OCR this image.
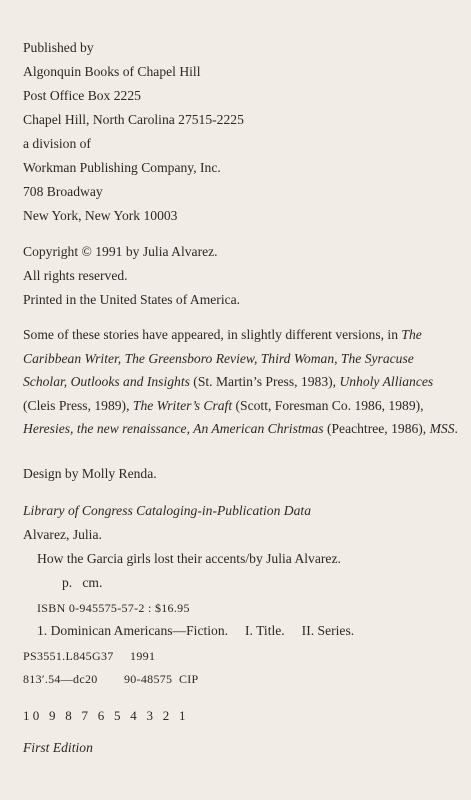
Published by
Algonquin Books of Chapel Hill
Post Office Box 2225
Chapel Hill, North Carolina 27515-2225
a division of
Workman Publishing Company, Inc.
708 Broadway
New York, New York 10003
Copyright © 1991 by Julia Alvarez.
All rights reserved.
Printed in the United States of America.
Some of these stories have appeared, in slightly different versions, in The Caribbean Writer, The Greensboro Review, Third Woman, The Syracuse Scholar, Outlooks and Insights (St. Martin’s Press, 1983), Unholy Alliances (Cleis Press, 1989), The Writer’s Craft (Scott, Foresman Co. 1986, 1989), Heresies, the new renaissance, An American Christmas (Peachtree, 1986), MSS.
Design by Molly Renda.
Library of Congress Cataloging-in-Publication Data
Alvarez, Julia.
How the Garcia girls lost their accents/by Julia Alvarez.
p.   cm.
ISBN 0-945575-57-2 : $16.95
1. Dominican Americans—Fiction.     I. Title.     II. Series.
PS3551.L845G37     1991
813′.54—dc20        90-48575  CIP
1 0   9   8   7   6   5   4   3   2   1
First Edition
